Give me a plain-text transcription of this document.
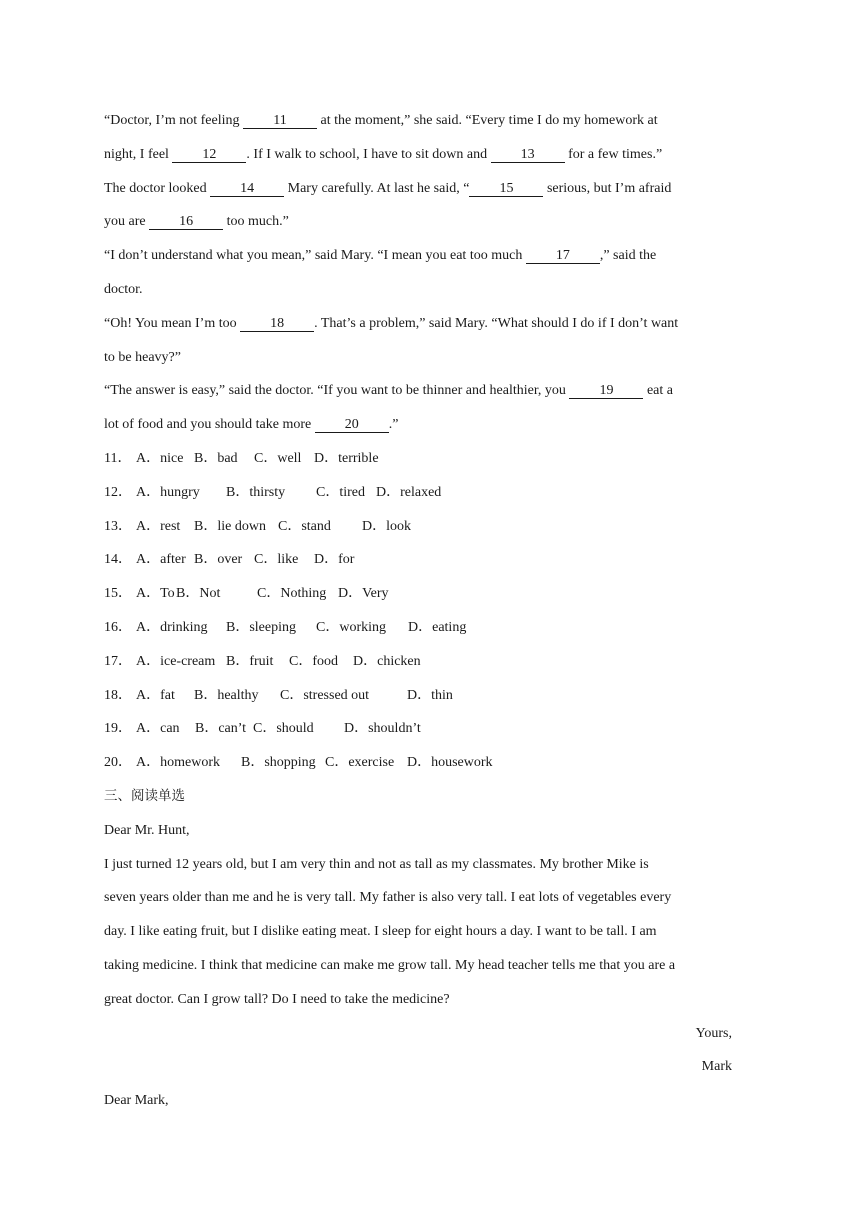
“Doctor, I’m not feeling 11 at the moment,” she said. “Every time I do my homework at
night, I feel 12 . If I walk to school, I have to sit down and 13 for a few times.”
The doctor looked 14 Mary carefully. At last he said, “ 15 serious, but I’m afraid
you are 16 too much.”
“I don’t understand what you mean,” said Mary. “I mean you eat too much 17 ,” said the
doctor.
“Oh! You mean I’m too 18 . That’s a problem,” said Mary. “What should I do if I don’t want
to be heavy?”
“The answer is easy,” said the doctor. “If you want to be thinner and healthier, you 19 eat a
lot of food and you should take more 20 .”
11． A．nice B．bad C．well D．terrible
12． A．hungry B．thirsty C．tired D．relaxed
13． A．rest B．lie down C．stand D．look
14． A．after B．over C．like D．for
15． A．ToB．Not	C．Nothing D．Very
16． A．drinking B．sleeping C．working D．eating
17． A．ice-cream B．fruit C．food D．chicken
18． A．fat B．healthy C．stressed out	D．thin
19． A．can B．can’t C．should D．shouldn’t
20． A．homework B．shopping C．exercise D．housework
三、阅读单选
Dear Mr. Hunt,
I just turned 12 years old, but I am very thin and not as tall as my classmates. My brother Mike is
seven years older than me and he is very tall. My father is also very tall. I eat lots of vegetables every
day. I like eating fruit, but I dislike eating meat. I sleep for eight hours a day. I want to be tall. I am
taking medicine. I think that medicine can make me grow tall. My head teacher tells me that you are a
great doctor. Can I grow tall? Do I need to take the medicine?
Yours,
Mark
Dear Mark,
